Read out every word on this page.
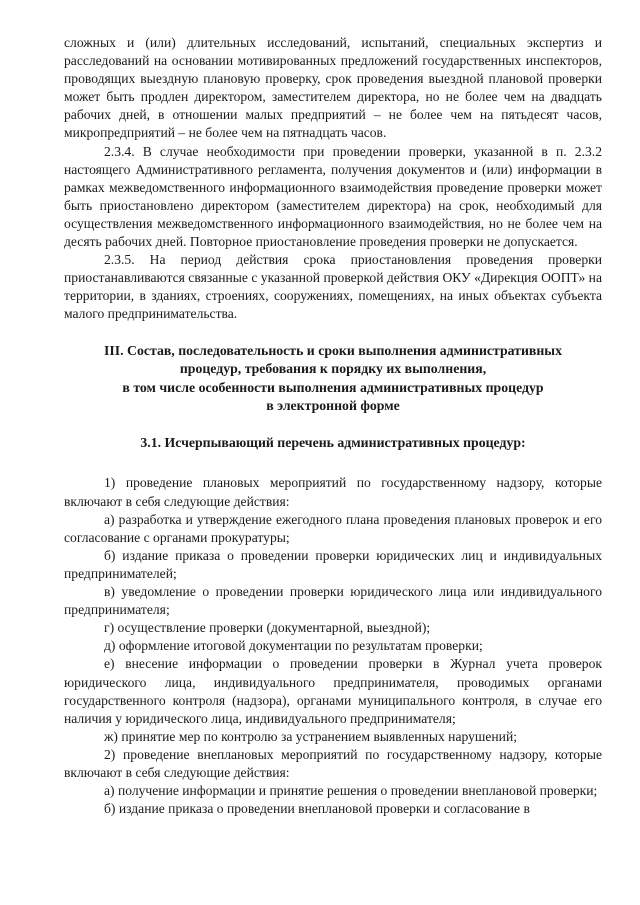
сложных и (или) длительных исследований, испытаний, специальных экспертиз и расследований на основании мотивированных предложений государственных инспекторов, проводящих выездную плановую проверку, срок проведения выездной плановой проверки может быть продлен директором, заместителем директора, но не более чем на двадцать рабочих дней, в отношении малых предприятий – не более чем на пятьдесят часов, микропредприятий – не более чем на пятнадцать часов.

2.3.4. В случае необходимости при проведении проверки, указанной в п. 2.3.2 настоящего Административного регламента, получения документов и (или) информации в рамках межведомственного информационного взаимодействия проведение проверки может быть приостановлено директором (заместителем директора) на срок, необходимый для осуществления межведомственного информационного взаимодействия, но не более чем на десять рабочих дней. Повторное приостановление проведения проверки не допускается.

2.3.5. На период действия срока приостановления проведения проверки приостанавливаются связанные с указанной проверкой действия ОКУ «Дирекция ООПТ» на территории, в зданиях, строениях, сооружениях, помещениях, на иных объектах субъекта малого предпринимательства.

III. Состав, последовательность и сроки выполнения административных

процедур, требования к порядку их выполнения,

в том числе особенности выполнения административных процедур

в электронной форме

3.1. Исчерпывающий перечень административных процедур:

1) проведение плановых мероприятий по государственному надзору, которые включают в себя следующие действия:

а) разработка и утверждение ежегодного плана проведения плановых проверок и его согласование с органами прокуратуры;

б) издание приказа о проведении проверки юридических лиц и индивидуальных предпринимателей;

в) уведомление о проведении проверки юридического лица или индивидуального предпринимателя;

г) осуществление проверки (документарной, выездной);

д) оформление итоговой документации по результатам проверки;

е) внесение информации о проведении проверки в Журнал учета проверок юридического лица, индивидуального предпринимателя, проводимых органами государственного контроля (надзора), органами муниципального контроля, в случае его наличия у юридического лица, индивидуального предпринимателя;

ж) принятие мер по контролю за устранением выявленных нарушений;

2) проведение внеплановых мероприятий по государственному надзору, которые включают в себя следующие действия:

а) получение информации и принятие решения о проведении внеплановой проверки;

б) издание приказа о проведении внеплановой проверки и согласование в
